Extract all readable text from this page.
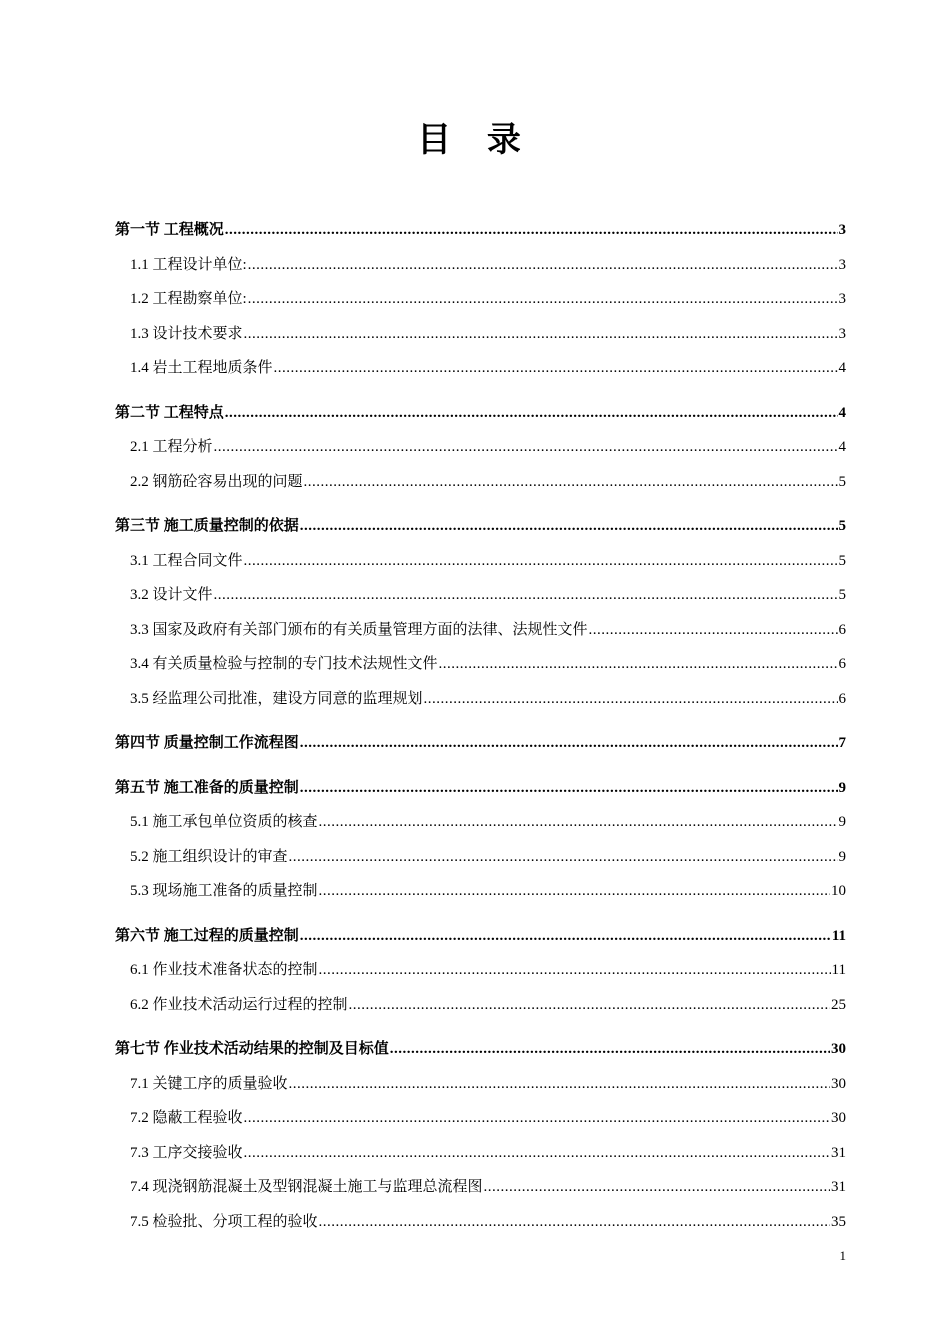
目 录
第一节 工程概况 .....	3
1.1 工程设计单位: .....	3
1.2 工程勘察单位: .....	3
1.3 设计技术要求 .....	3
1.4 岩土工程地质条件 .....	4
第二节 工程特点 .....	4
2.1 工程分析 .....	4
2.2 钢筋砼容易出现的问题 .....	5
第三节 施工质量控制的依据 .....	5
3.1 工程合同文件 .....	5
3.2 设计文件 .....	5
3.3 国家及政府有关部门颁布的有关质量管理方面的法律、法规性文件 .....	6
3.4 有关质量检验与控制的专门技术法规性文件 .....	6
3.5 经监理公司批准，建设方同意的监理规划 .....	6
第四节 质量控制工作流程图 .....	7
第五节 施工准备的质量控制 .....	9
5.1 施工承包单位资质的核查 .....	9
5.2 施工组织设计的审查 .....	9
5.3 现场施工准备的质量控制 .....	10
第六节 施工过程的质量控制 .....	11
6.1 作业技术准备状态的控制 .....	11
6.2 作业技术活动运行过程的控制 .....	25
第七节 作业技术活动结果的控制及目标值 .....	30
7.1 关键工序的质量验收 .....	30
7.2 隐蔽工程验收 .....	30
7.3 工序交接验收 .....	31
7.4 现浇钢筋混凝土及型钢混凝土施工与监理总流程图 .....	31
7.5 检验批、分项工程的验收 .....	35
1
